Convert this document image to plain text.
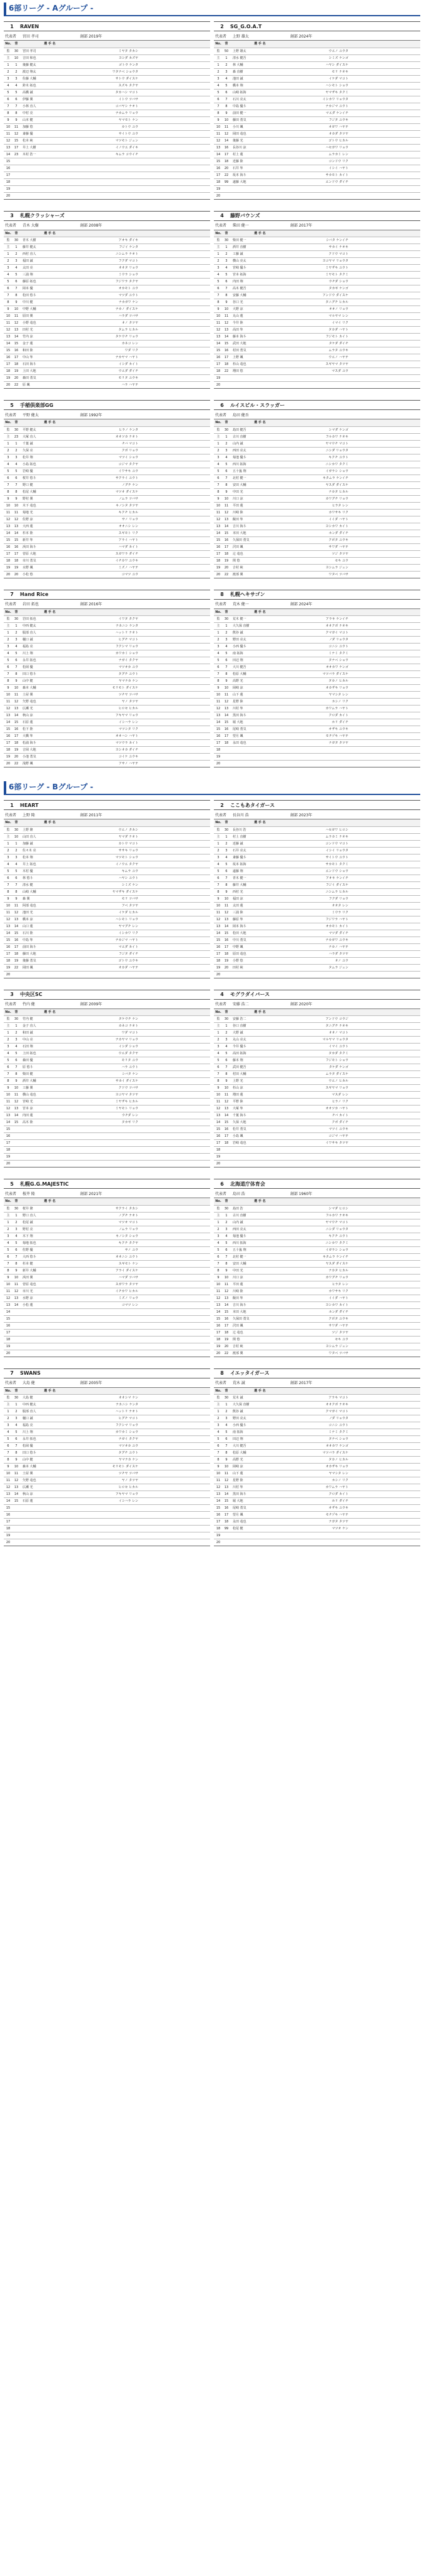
6部リーグ - Aグループ -
1	RAVEN
代表者	宮田 孝司	創部 2019年
No.	背	選 手 名		
監	30	宮田 孝司	ミヤタ タカシ	
主	10	吉田 和也	ヨシダ カズヤ	
1	1	後藤 健太	ゴトウ ケンタ	
2	2	渡辺 翔太	ワタナベ ショウタ	
3	3	佐藤 大輔	サトウ ダイスケ	
4	4	鈴木 拓也	スズキ タクヤ	
5	5	高橋 誠	タカハシ マコト	
6	6	伊藤 翼	イトウ ツバサ	
7	7	小林 直人	コバヤシ ナオト	
8	8	中村 亮	ナカムラ リョウ	
9	9	山本 健	ヤマモト ケン	
10	11	加藤 悠	カトウ ユウ	
11	12	斎藤 優	サイトウ ユウ	
12	15	松本 純	マツモト ジュン	
13	17	井上 大樹	イノウエ ダイキ	
14	23	木村 浩一	キムラ コウイチ	
15				
16				
17				
18				
19				
20				
2	SG_G.O.A.T
代表者	上野 雄太	創部 2024年
No.	背	選 手 名		
監	50	上野 雄太	ウエノ ユウタ	
主	1	清水 健吾	シミズ ケンゴ	
1	2	林 大輔	ハヤシ ダイスケ	
2	3	森 直樹	モリ ナオキ	
3	4	池田 誠	イケダ マコト	
4	5	橋本 翔	ハシモト ショウ	
5	6	山崎 拓海	ヤマザキ タクミ	
6	7	石川 亮太	イシカワ リョウタ	
7	8	中島 優斗	ナカジマ ユウト	
8	9	前田 健一	マエダ ケンイチ	
9	10	藤田 勇気	フジタ ユウキ	
10	11	小川 颯	オガワ ハヤテ	
11	12	岡田 竜也	オカダ タツヤ	
12	14	後藤 光	ゴトウ ヒカル	
13	16	長谷川 涼	ハセガワ リョウ	
14	17	村上 蓮	ムラカミ レン	
15	18	近藤 陸	コンドウ リク	
16	20	石井 隼	イシイ ハヤト	
17	22	坂本 海斗	サカモト カイト	
18	99	遠藤 大地	エンドウ ダイチ	
19				
20				
3	札幌クラッシャーズ
代表者	青木 大樹	創部 2008年
No.	背	選 手 名		
監	30	青木 大樹	アオキ ダイキ	
主	1	藤井 健太	フジイ ケンタ	
1	2	西村 直人	ニシムラ ナオト	
2	3	福田 誠	フクダ マコト	
3	4	太田 亮	オオタ リョウ	
4	5	三浦 翔	ミウラ ショウ	
5	6	藤原 拓也	フジワラ タクヤ	
6	7	岡本 優	オカモト ユウ	
7	8	松田 悠斗	マツダ ユウト	
8	9	中川 健	ナカガワ ケン	
9	10	中野 大輔	ナカノ ダイスケ	
10	11	原田 翼	ハラダ ツバサ	
11	12	小野 竜也	オノ タツヤ	
12	13	田村 光	タムラ ヒカル	
13	14	竹内 涼	タケウチ リョウ	
14	15	金子 蓮	カネコ レン	
15	16	和田 陸	ワダ リク	
16	17	中山 隼	ナカヤマ ハヤト	
17	18	石田 海斗	イシダ カイト	
18	19	上田 大地	ウエダ ダイチ	
19	20	森田 勇気	モリタ ユウキ	
20	22	原 颯	ハラ ハヤテ	
4	藤野バウンズ
代表者	柴田 健一	創部 2017年
No.	背	選 手 名		
監	30	柴田 健一	シバタ ケンイチ	
主	1	酒井 直樹	サカイ ナオキ	
1	2	工藤 誠	クドウ マコト	
2	3	横山 亮太	ヨコヤマ リョウタ	
3	4	宮崎 優斗	ミヤザキ ユウト	
4	5	宮本 拓海	ミヤモト タクミ	
5	6	内田 翔	ウチダ ショウ	
6	7	高木 健吾	タカギ ケンゴ	
7	8	安藤 大輔	アンドウ ダイスケ	
8	9	谷口 光	タニグチ ヒカル	
9	10	大野 涼	オオノ リョウ	
10	11	丸山 蓮	マルヤマ レン	
11	12	今井 陸	イマイ リク	
12	13	高田 隼	タカダ ハヤト	
13	14	藤本 海斗	フジモト カイト	
14	15	武田 大地	タケダ ダイチ	
15	16	村田 勇気	ムラタ ユウキ	
16	17	上野 颯	ウエノ ハヤテ	
17	18	杉山 竜也	スギヤマ タツヤ	
18	22	増田 悠	マスダ ユウ	
19				
20				
5	手稲倶楽部GG
代表者	平野 健太	創部 1992年
No.	背	選 手 名		
監	30	平野 健太	ヒラノ ケンタ	
主	23	大塚 直人	オオツカ ナオト	
1	1	千葉 誠	チバ マコト	
2	2	久保 亮	クボ リョウ	
3	3	松井 翔	マツイ ショウ	
4	4	小島 拓也	コジマ タクヤ	
5	5	岩崎 優	イワサキ ユウ	
6	6	桜井 悠斗	サクライ ユウト	
7	7	野口 健	ノグチ ケン	
8	8	松尾 大輔	マツオ ダイスケ	
9	9	野村 翼	ノムラ ツバサ	
10	10	木下 竜也	キノシタ タツヤ	
11	11	菊地 光	キクチ ヒカル	
12	12	佐野 涼	サノ リョウ	
13	13	大西 蓮	オオニシ レン	
14	14	杉本 陸	スギモト リク	
15	15	新井 隼	アライ ハヤト	
16	16	浜田 海斗	ハマダ カイト	
17	17	菅原 大地	スガワラ ダイチ	
18	18	市川 勇気	イチカワ ユウキ	
19	19	水野 颯	ミズノ ハヤテ	
20	20	小松 悠	コマツ ユウ	
6	ルイスビル・スラッガー
代表者	島田 健吾
No.	背	選 手 名		
監	30	島田 健吾	シマダ ケンゴ	
主	1	古川 直樹	フルカワ ナオキ	
1	2	山内 誠	ヤマウチ マコト	
2	3	西田 亮太	ニシダ リョウタ	
3	4	菊池 優斗	キクチ ユウト	
4	5	西川 拓海	ニシカワ タクミ	
5	6	五十嵐 翔	イガラシ ショウ	
6	7	北村 健一	キタムラ ケンイチ	
7	8	安田 大輔	ヤスダ ダイスケ	
8	9	中田 光	ナカタ ヒカル	
9	10	川口 涼	カワグチ リョウ	
10	11	平田 蓮	ヒラタ レン	
11	12	川崎 陸	カワサキ リク	
12	13	飯田 隼	イイダ ハヤト	
13	14	吉川 海斗	ヨシカワ カイト	
14	15	本田 大地	ホンダ ダイチ	
15	16	久保田 勇気	クボタ ユウキ	
16	17	沢田 颯	サワダ ハヤテ	
17	18	辻 竜也	ツジ タツヤ	
18	19	関 悠	セキ ユウ	
19	20	吉村 純	ヨシムラ ジュン	
20	22	渡部 翼	ワタベ ツバサ	
7	Hand Rice
代表者	岩田 拓也	創部 2016年
No.	背	選 手 名		
監	30	岩田 拓也	イワタ タクヤ	
主	1	中西 健太	ナカニシ ケンタ	
1	2	服部 直人	ハットリ ナオト	
2	3	樋口 誠	ヒグチ マコト	
3	4	福島 亮	フクシマ リョウ	
4	5	川上 翔	カワカミ ショウ	
5	6	永井 拓也	ナガイ タクヤ	
6	7	松岡 優	マツオカ ユウ	
7	8	田口 悠斗	タグチ ユウト	
8	9	山中 健	ヤマナカ ケン	
9	10	森本 大輔	モリモト ダイスケ	
10	11	土屋 翼	ツチヤ ツバサ	
11	12	矢野 竜也	ヤノ タツヤ	
12	13	広瀬 光	ヒロセ ヒカル	
13	14	秋山 涼	アキヤマ リョウ	
14	15	石原 蓮	イシハラ レン	
15	16	松下 陸	マツシタ リク	
16	17	大橋 隼	オオハシ ハヤト	
17	18	松浦 海斗	マツウラ カイト	
18	19	吉岡 大地	ヨシオカ ダイチ	
19	20	小池 勇気	コイケ ユウキ	
20	22	浅野 颯	アサノ ハヤテ	
8	札幌ヘキサゴン
代表者	荒木 健一	創部 2024年
No.	背	選 手 名		
監	30	荒木 健一	アラキ ケンイチ	
主	1	大久保 直樹	オオクボ ナオキ	
1	2	熊谷 誠	クマガイ マコト	
2	3	野田 亮太	ノダ リョウタ	
3	4	小西 優斗	コニシ ユウト	
4	5	南 拓海	ミナミ タクミ	
5	6	田辺 翔	タナベ ショウ	
6	7	大川 健吾	オオカワ ケンゴ	
7	8	松原 大輔	マツバラ ダイスケ	
8	9	高野 光	タカノ ヒカル	
9	10	岡崎 涼	オカザキ リョウ	
10	11	山下 蓮	ヤマシタ レン	
11	12	星野 陸	ホシノ リク	
12	13	川村 隼	カワムラ ハヤト	
13	14	黒田 海斗	クロダ カイト	
14	15	堀 大地	ホリ ダイチ	
15	16	尾崎 勇気	オザキ ユウキ	
16	17	望月 颯	モチヅキ ハヤテ	
17	18	永田 竜也	ナガタ タツヤ	
18				
19				
20				
6部リーグ - Bグループ -
1	HEART
代表者	上野 隆	創部 2011年
No.	背	選 手 名		
監	30	上野 隆	ウエノ タカシ	
主	10	山田 直人	ヤマダ ナオト	
1	1	加藤 誠	カトウ マコト	
2	2	佐々木 亮	ササキ リョウ	
3	3	松本 翔	マツモト ショウ	
4	4	井上 拓也	イノウエ タクヤ	
5	5	木村 優	キムラ ユウ	
6	6	林 悠斗	ハヤシ ユウト	
7	7	清水 健	シミズ ケン	
8	8	山崎 大輔	ヤマザキ ダイスケ	
9	9	森 翼	モリ ツバサ	
10	11	阿部 竜也	アベ タツヤ	
11	12	池田 光	イケダ ヒカル	
12	13	橋本 涼	ハシモト リョウ	
13	14	山口 蓮	ヤマグチ レン	
14	15	石川 陸	イシカワ リク	
15	16	中島 隼	ナカジマ ハヤト	
16	17	前田 海斗	マエダ カイト	
17	18	藤田 大地	フジタ ダイチ	
18	19	後藤 勇気	ゴトウ ユウキ	
19	22	岡田 颯	オカダ ハヤテ	
20				
2	ここもあタイガース
代表者	長谷川 浩	創部 2023年
No.	背	選 手 名		
監	30	長谷川 浩	ハセガワ ヒロシ	
主	1	村上 直樹	ムラカミ ナオキ	
1	2	近藤 誠	コンドウ マコト	
2	3	石井 亮太	イシイ リョウタ	
3	4	斎藤 優斗	サイトウ ユウト	
4	5	坂本 拓海	サカモト タクミ	
5	6	遠藤 翔	エンドウ ショウ	
6	7	青木 健一	アオキ ケンイチ	
7	8	藤井 大輔	フジイ ダイスケ	
8	9	西村 光	ニシムラ ヒカル	
9	10	福田 涼	フクダ リョウ	
10	11	太田 蓮	オオタ レン	
11	12	三浦 陸	ミウラ リク	
12	13	藤原 隼	フジワラ ハヤト	
13	14	岡本 海斗	オカモト カイト	
14	15	松田 大地	マツダ ダイチ	
15	16	中川 勇気	ナカガワ ユウキ	
16	17	中野 颯	ナカノ ハヤテ	
17	18	原田 竜也	ハラダ タツヤ	
18	19	小野 悠	オノ ユウ	
19	20	田村 純	タムラ ジュン	
20				
3	中央区SC
代表者	竹内 健	創部 2009年
No.	背	選 手 名		
監	30	竹内 健	タケウチ ケン	
主	1	金子 直人	カネコ ナオト	
1	2	和田 誠	ワダ マコト	
2	3	中山 亮	ナカヤマ リョウ	
3	4	石田 翔	イシダ ショウ	
4	5	上田 拓也	ウエダ タクヤ	
5	6	森田 優	モリタ ユウ	
6	7	原 悠斗	ハラ ユウト	
7	8	柴田 健	シバタ ケン	
8	9	酒井 大輔	サカイ ダイスケ	
9	10	工藤 翼	クドウ ツバサ	
10	11	横山 竜也	ヨコヤマ タツヤ	
11	12	宮崎 光	ミヤザキ ヒカル	
12	13	宮本 涼	ミヤモト リョウ	
13	14	内田 蓮	ウチダ レン	
14	15	高木 陸	タカギ リク	
15				
16				
17				
18				
19				
20				
4	モグラダイバース
代表者	安藤 浩二	創部 2020年
No.	背	選 手 名		
監	30	安藤 浩二	アンドウ コウジ	
主	1	谷口 直樹	タニグチ ナオキ	
1	2	大野 誠	オオノ マコト	
2	3	丸山 亮太	マルヤマ リョウタ	
3	4	今井 優斗	イマイ ユウト	
4	5	高田 拓海	タカダ タクミ	
5	6	藤本 翔	フジモト ショウ	
6	7	武田 健吾	タケダ ケンゴ	
7	8	村田 大輔	ムラタ ダイスケ	
8	9	上野 光	ウエノ ヒカル	
9	10	杉山 涼	スギヤマ リョウ	
10	11	増田 蓮	マスダ レン	
11	12	平野 陸	ヒラノ リク	
12	13	大塚 隼	オオツカ ハヤト	
13	14	千葉 海斗	チバ カイト	
14	15	久保 大地	クボ ダイチ	
15	16	松井 勇気	マツイ ユウキ	
16	17	小島 颯	コジマ ハヤテ	
17	18	岩崎 竜也	イワサキ タツヤ	
18				
19				
20				
5	札幌G.G.MAJESTIC
代表者	桜井 隆	創部 2021年
No.	背	選 手 名		
監	30	桜井 隆	サクライ タカシ	
主	1	野口 直人	ノグチ ナオト	
1	2	松尾 誠	マツオ マコト	
2	3	野村 亮	ノムラ リョウ	
3	4	木下 翔	キノシタ ショウ	
4	5	菊地 拓也	キクチ タクヤ	
5	6	佐野 優	サノ ユウ	
6	7	大西 悠斗	オオニシ ユウト	
7	8	杉本 健	スギモト ケン	
8	9	新井 大輔	アライ ダイスケ	
9	10	浜田 翼	ハマダ ツバサ	
10	11	菅原 竜也	スガワラ タツヤ	
11	12	市川 光	イチカワ ヒカル	
12	13	水野 涼	ミズノ リョウ	
13	14	小松 蓮	コマツ レン	
14				
15				
16				
17				
18				
19				
20				
6	北海道庁体育会
代表者	島田 浩	創部 1960年
No.	背	選 手 名		
監	30	島田 浩	シマダ ヒロシ	
主	1	古川 直樹	フルカワ ナオキ	
1	2	山内 誠	ヤマウチ マコト	
2	3	西田 亮太	ニシダ リョウタ	
3	4	菊池 優斗	キクチ ユウト	
4	5	西川 拓海	ニシカワ タクミ	
5	6	五十嵐 翔	イガラシ ショウ	
6	7	北村 健一	キタムラ ケンイチ	
7	8	安田 大輔	ヤスダ ダイスケ	
8	9	中田 光	ナカタ ヒカル	
9	10	川口 涼	カワグチ リョウ	
10	11	平田 蓮	ヒラタ レン	
11	12	川崎 陸	カワサキ リク	
12	13	飯田 隼	イイダ ハヤト	
13	14	吉川 海斗	ヨシカワ カイト	
14	15	本田 大地	ホンダ ダイチ	
15	16	久保田 勇気	クボタ ユウキ	
16	17	沢田 颯	サワダ ハヤテ	
17	18	辻 竜也	ツジ タツヤ	
18	19	関 悠	セキ ユウ	
19	20	吉村 純	ヨシムラ ジュン	
20	22	渡部 翼	ワタベ ツバサ	
7	SWANS
代表者	大島 健	創部 2005年
No.	背	選 手 名		
監	30	大島 健	オオシマ ケン	
主	1	中西 健太	ナカニシ ケンタ	
1	2	服部 直人	ハットリ ナオト	
2	3	樋口 誠	ヒグチ マコト	
3	4	福島 亮	フクシマ リョウ	
4	5	川上 翔	カワカミ ショウ	
5	6	永井 拓也	ナガイ タクヤ	
6	7	松岡 優	マツオカ ユウ	
7	8	田口 悠斗	タグチ ユウト	
8	9	山中 健	ヤマナカ ケン	
9	10	森本 大輔	モリモト ダイスケ	
10	11	土屋 翼	ツチヤ ツバサ	
11	12	矢野 竜也	ヤノ タツヤ	
12	13	広瀬 光	ヒロセ ヒカル	
13	14	秋山 涼	アキヤマ リョウ	
14	15	石原 蓮	イシハラ レン	
15				
16				
17				
18				
19				
20				
8	イエッタイガース
代表者	荒木 誠	創部 2017年
No.	背	選 手 名		
監	30	荒木 誠	アラキ マコト	
主	1	大久保 直樹	オオクボ ナオキ	
1	2	熊谷 誠	クマガイ マコト	
2	3	野田 亮太	ノダ リョウタ	
3	4	小西 優斗	コニシ ユウト	
4	5	南 拓海	ミナミ タクミ	
5	6	田辺 翔	タナベ ショウ	
6	7	大川 健吾	オオカワ ケンゴ	
7	8	松原 大輔	マツバラ ダイスケ	
8	9	高野 光	タカノ ヒカル	
9	10	岡崎 涼	オカザキ リョウ	
10	11	山下 蓮	ヤマシタ レン	
11	12	星野 陸	ホシノ リク	
12	13	川村 隼	カワムラ ハヤト	
13	14	黒田 海斗	クロダ カイト	
14	15	堀 大地	ホリ ダイチ	
15	16	尾崎 勇気	オザキ ユウキ	
16	17	望月 颯	モチヅキ ハヤテ	
17	18	永田 竜也	ナガタ タツヤ	
18	99	松尾 健	マツオ ケン	
19				
20				
